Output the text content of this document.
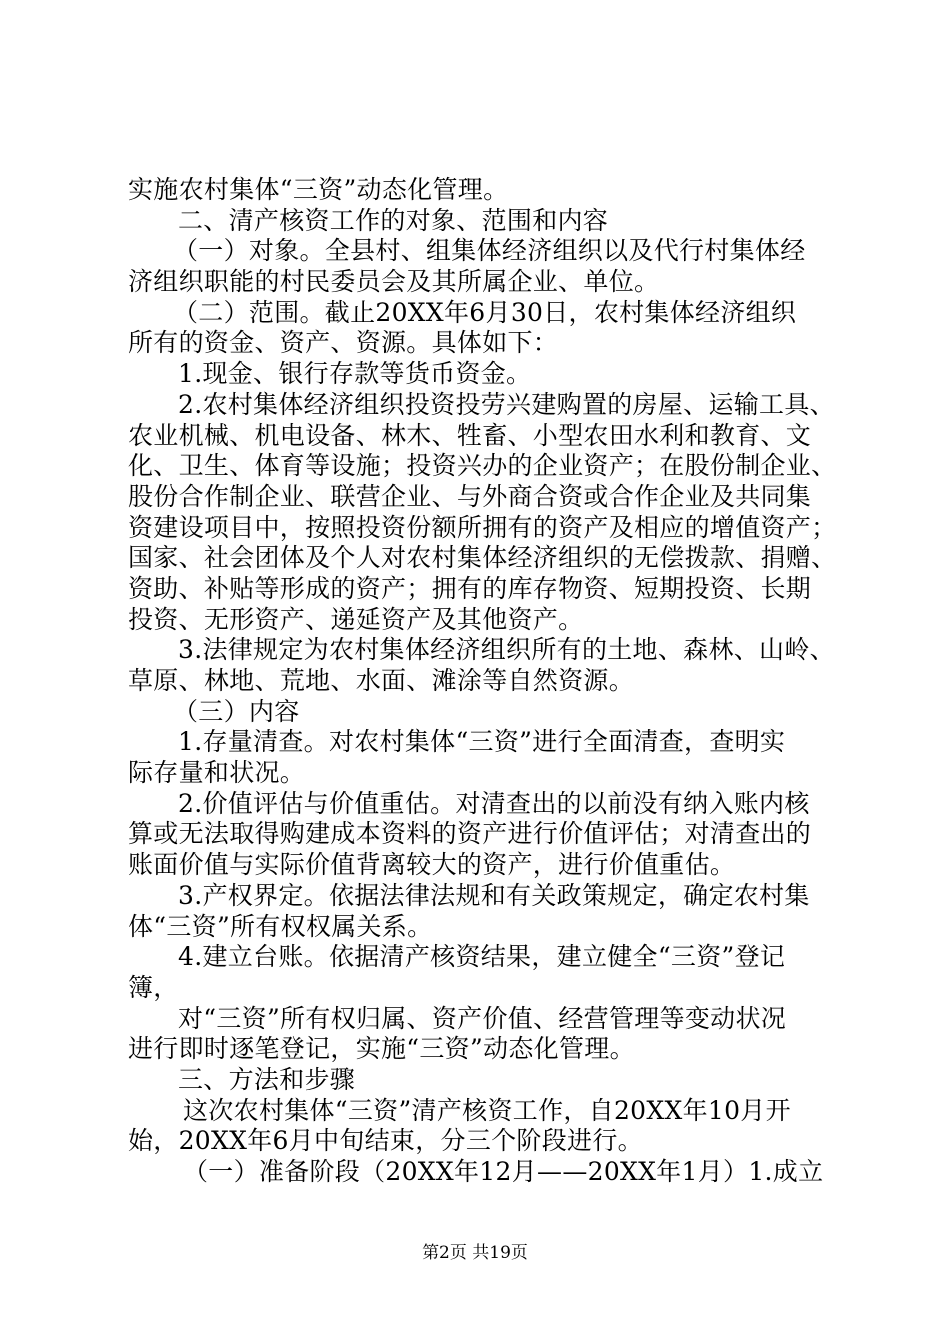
实施农村集体“三资”动态化管理。
二、清产核资工作的对象、范围和内容
（一）对象。全县村、组集体经济组织以及代行村集体经
济组织职能的村民委员会及其所属企业、单位。
（二）范围。截止20XX年6月30日，农村集体经济组织
所有的资金、资产、资源。具体如下：
1.现金、银行存款等货币资金。
2.农村集体经济组织投资投劳兴建购置的房屋、运输工具、
农业机械、机电设备、林木、牲畜、小型农田水利和教育、文
化、卫生、体育等设施；投资兴办的企业资产；在股份制企业、
股份合作制企业、联营企业、与外商合资或合作企业及共同集
资建设项目中，按照投资份额所拥有的资产及相应的增值资产；
国家、社会团体及个人对农村集体经济组织的无偿拨款、捐赠、
资助、补贴等形成的资产；拥有的库存物资、短期投资、长期
投资、无形资产、递延资产及其他资产。
3.法律规定为农村集体经济组织所有的土地、森林、山岭、
草原、林地、荒地、水面、滩涂等自然资源。
（三）内容
1.存量清查。对农村集体“三资”进行全面清查，查明实
际存量和状况。
2.价值评估与价值重估。对清查出的以前没有纳入账内核
算或无法取得购建成本资料的资产进行价值评估；对清查出的
账面价值与实际价值背离较大的资产，进行价值重估。
3.产权界定。依据法律法规和有关政策规定，确定农村集
体“三资”所有权权属关系。
4.建立台账。依据清产核资结果，建立健全“三资”登记
簿，
对“三资”所有权归属、资产价值、经营管理等变动状况
进行即时逐笔登记，实施“三资”动态化管理。
三、方法和步骤
这次农村集体“三资”清产核资工作，自20XX年10月开
始，20XX年6月中旬结束，分三个阶段进行。
（一）准备阶段（20XX年12月——20XX年1月）1.成立
第2页 共19页
